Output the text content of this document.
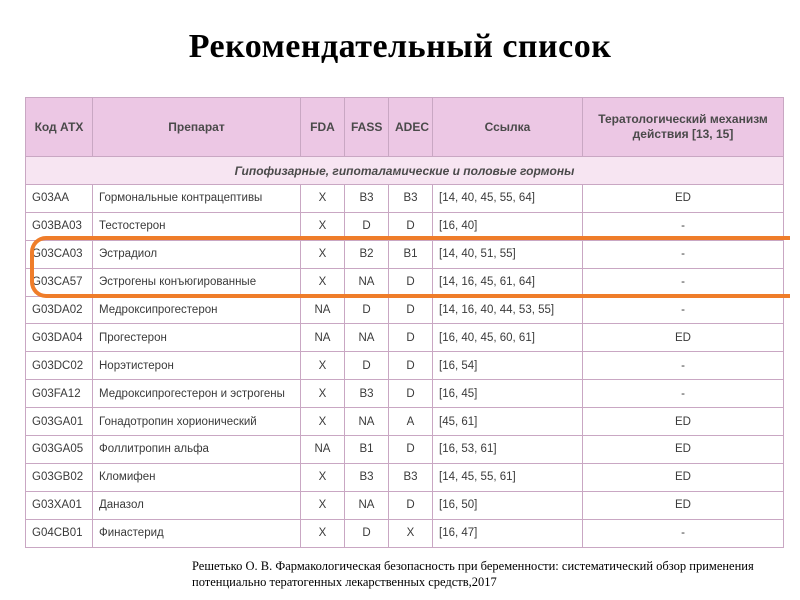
Рекомендательный список
Код АТХ	Препарат	FDA	FASS	ADEC	Ссылка	Тератологический механизм действия [13, 15]
Гипофизарные, гипоталамические и половые гормоны						
G03AA	Гормональные контрацептивы	X	B3	B3	[14, 40, 45, 55, 64]	ED
G03BA03	Тестостерон	X	D	D	[16, 40]	-
G03CA03	Эстрадиол	X	B2	B1	[14, 40, 51, 55]	-
G03CA57	Эстрогены конъюгированные	X	NA	D	[14, 16, 45, 61, 64]	-
G03DA02	Медроксипрогестерон	NA	D	D	[14, 16, 40, 44, 53, 55]	-
G03DA04	Прогестерон	NA	NA	D	[16, 40, 45, 60, 61]	ED
G03DC02	Норэтистерон	X	D	D	[16, 54]	-
G03FA12	Медроксипрогестерон и эстрогены	X	B3	D	[16, 45]	-
G03GA01	Гонадотропин хорионический	X	NA	A	[45, 61]	ED
G03GA05	Фоллитропин альфа	NA	B1	D	[16, 53, 61]	ED
G03GB02	Кломифен	X	B3	B3	[14, 45, 55, 61]	ED
G03XA01	Даназол	X	NA	D	[16, 50]	ED
G04CB01	Финастерид	X	D	X	[16, 47]	-
Решетько О. В. Фармакологическая безопасность при беременности: систематический обзор применения потенциально тератогенных лекарственных средств,2017
